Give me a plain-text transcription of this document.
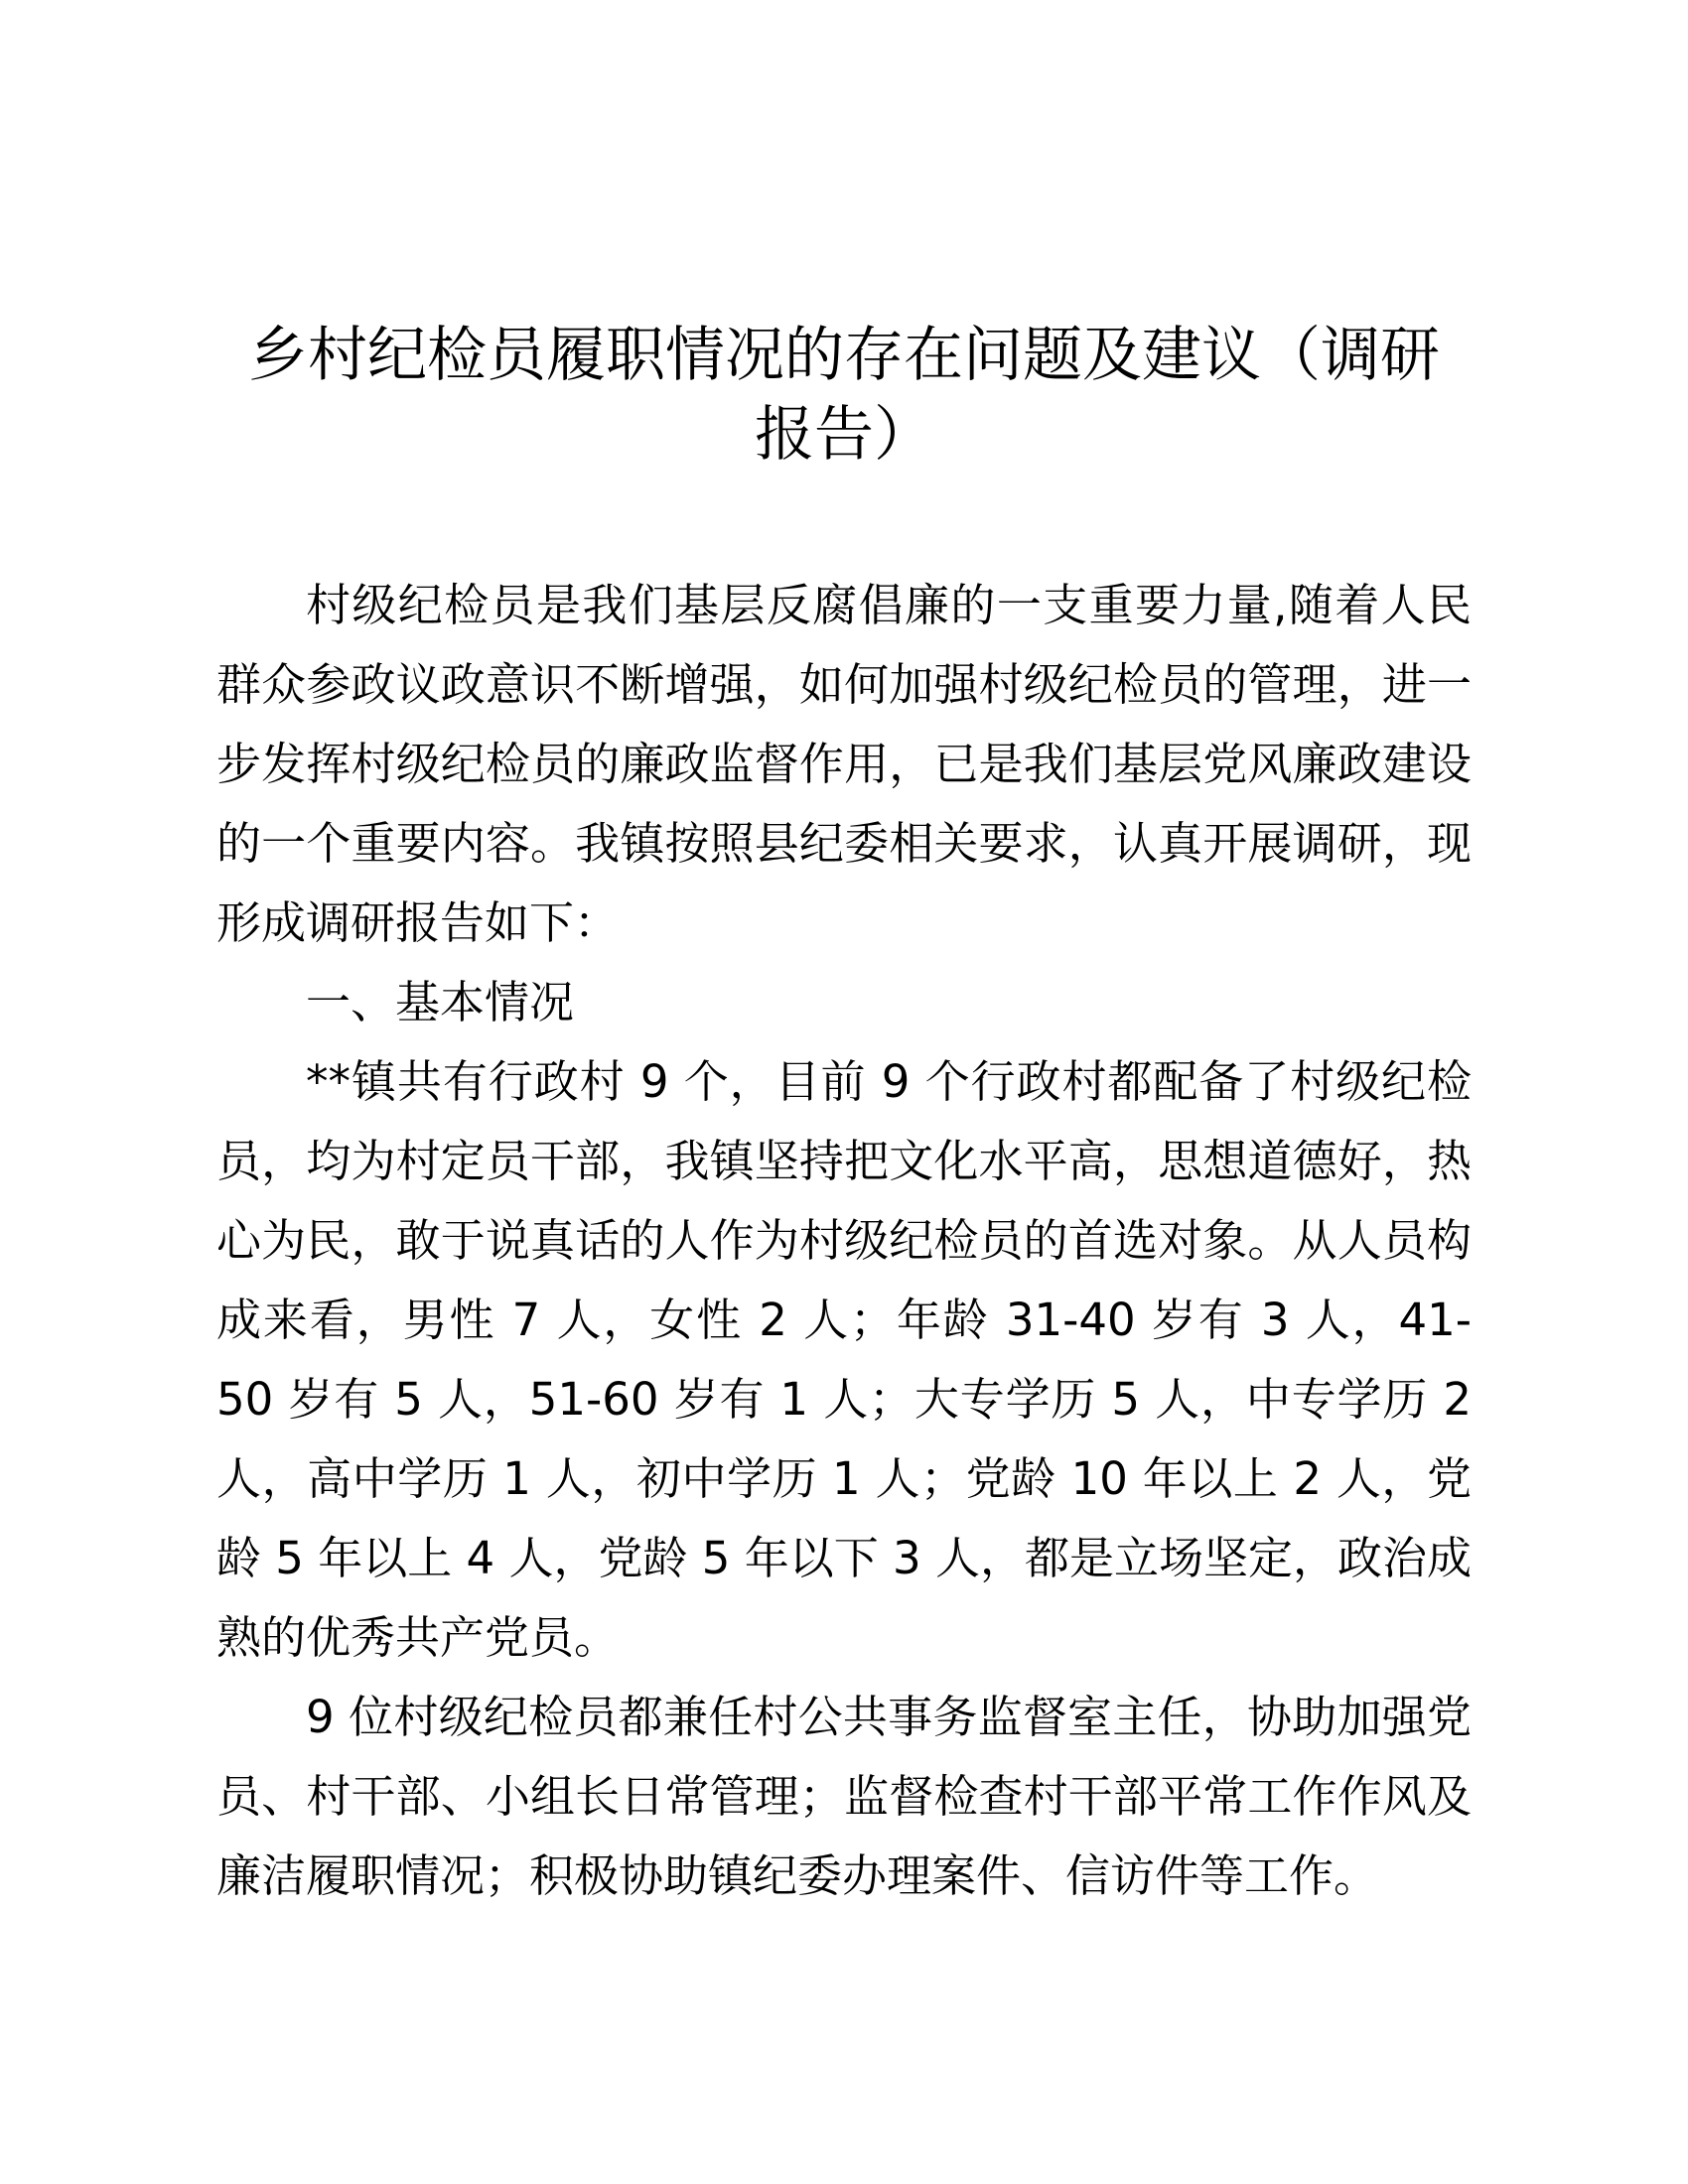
乡村纪检员履职情况的存在问题及建议（调研
报告）

村级纪检员是我们基层反腐倡廉的一支重要力量,随着人民群众参政议政意识不断增强，如何加强村级纪检员的管理，进一步发挥村级纪检员的廉政监督作用，已是我们基层党风廉政建设的一个重要内容。我镇按照县纪委相关要求，认真开展调研，现形成调研报告如下：

一、基本情况

**镇共有行政村 9 个，目前 9 个行政村都配备了村级纪检员，均为村定员干部，我镇坚持把文化水平高，思想道德好，热心为民，敢于说真话的人作为村级纪检员的首选对象。从人员构成来看，男性 7 人，女性 2 人；年龄 31-40 岁有 3 人，41-50 岁有 5 人，51-60 岁有 1 人；大专学历 5 人，中专学历 2 人，高中学历 1 人，初中学历 1 人；党龄 10 年以上 2 人，党龄 5 年以上 4 人，党龄 5 年以下 3 人，都是立场坚定，政治成熟的优秀共产党员。

9 位村级纪检员都兼任村公共事务监督室主任，协助加强党员、村干部、小组长日常管理；监督检查村干部平常工作作风及廉洁履职情况；积极协助镇纪委办理案件、信访件等工作。
